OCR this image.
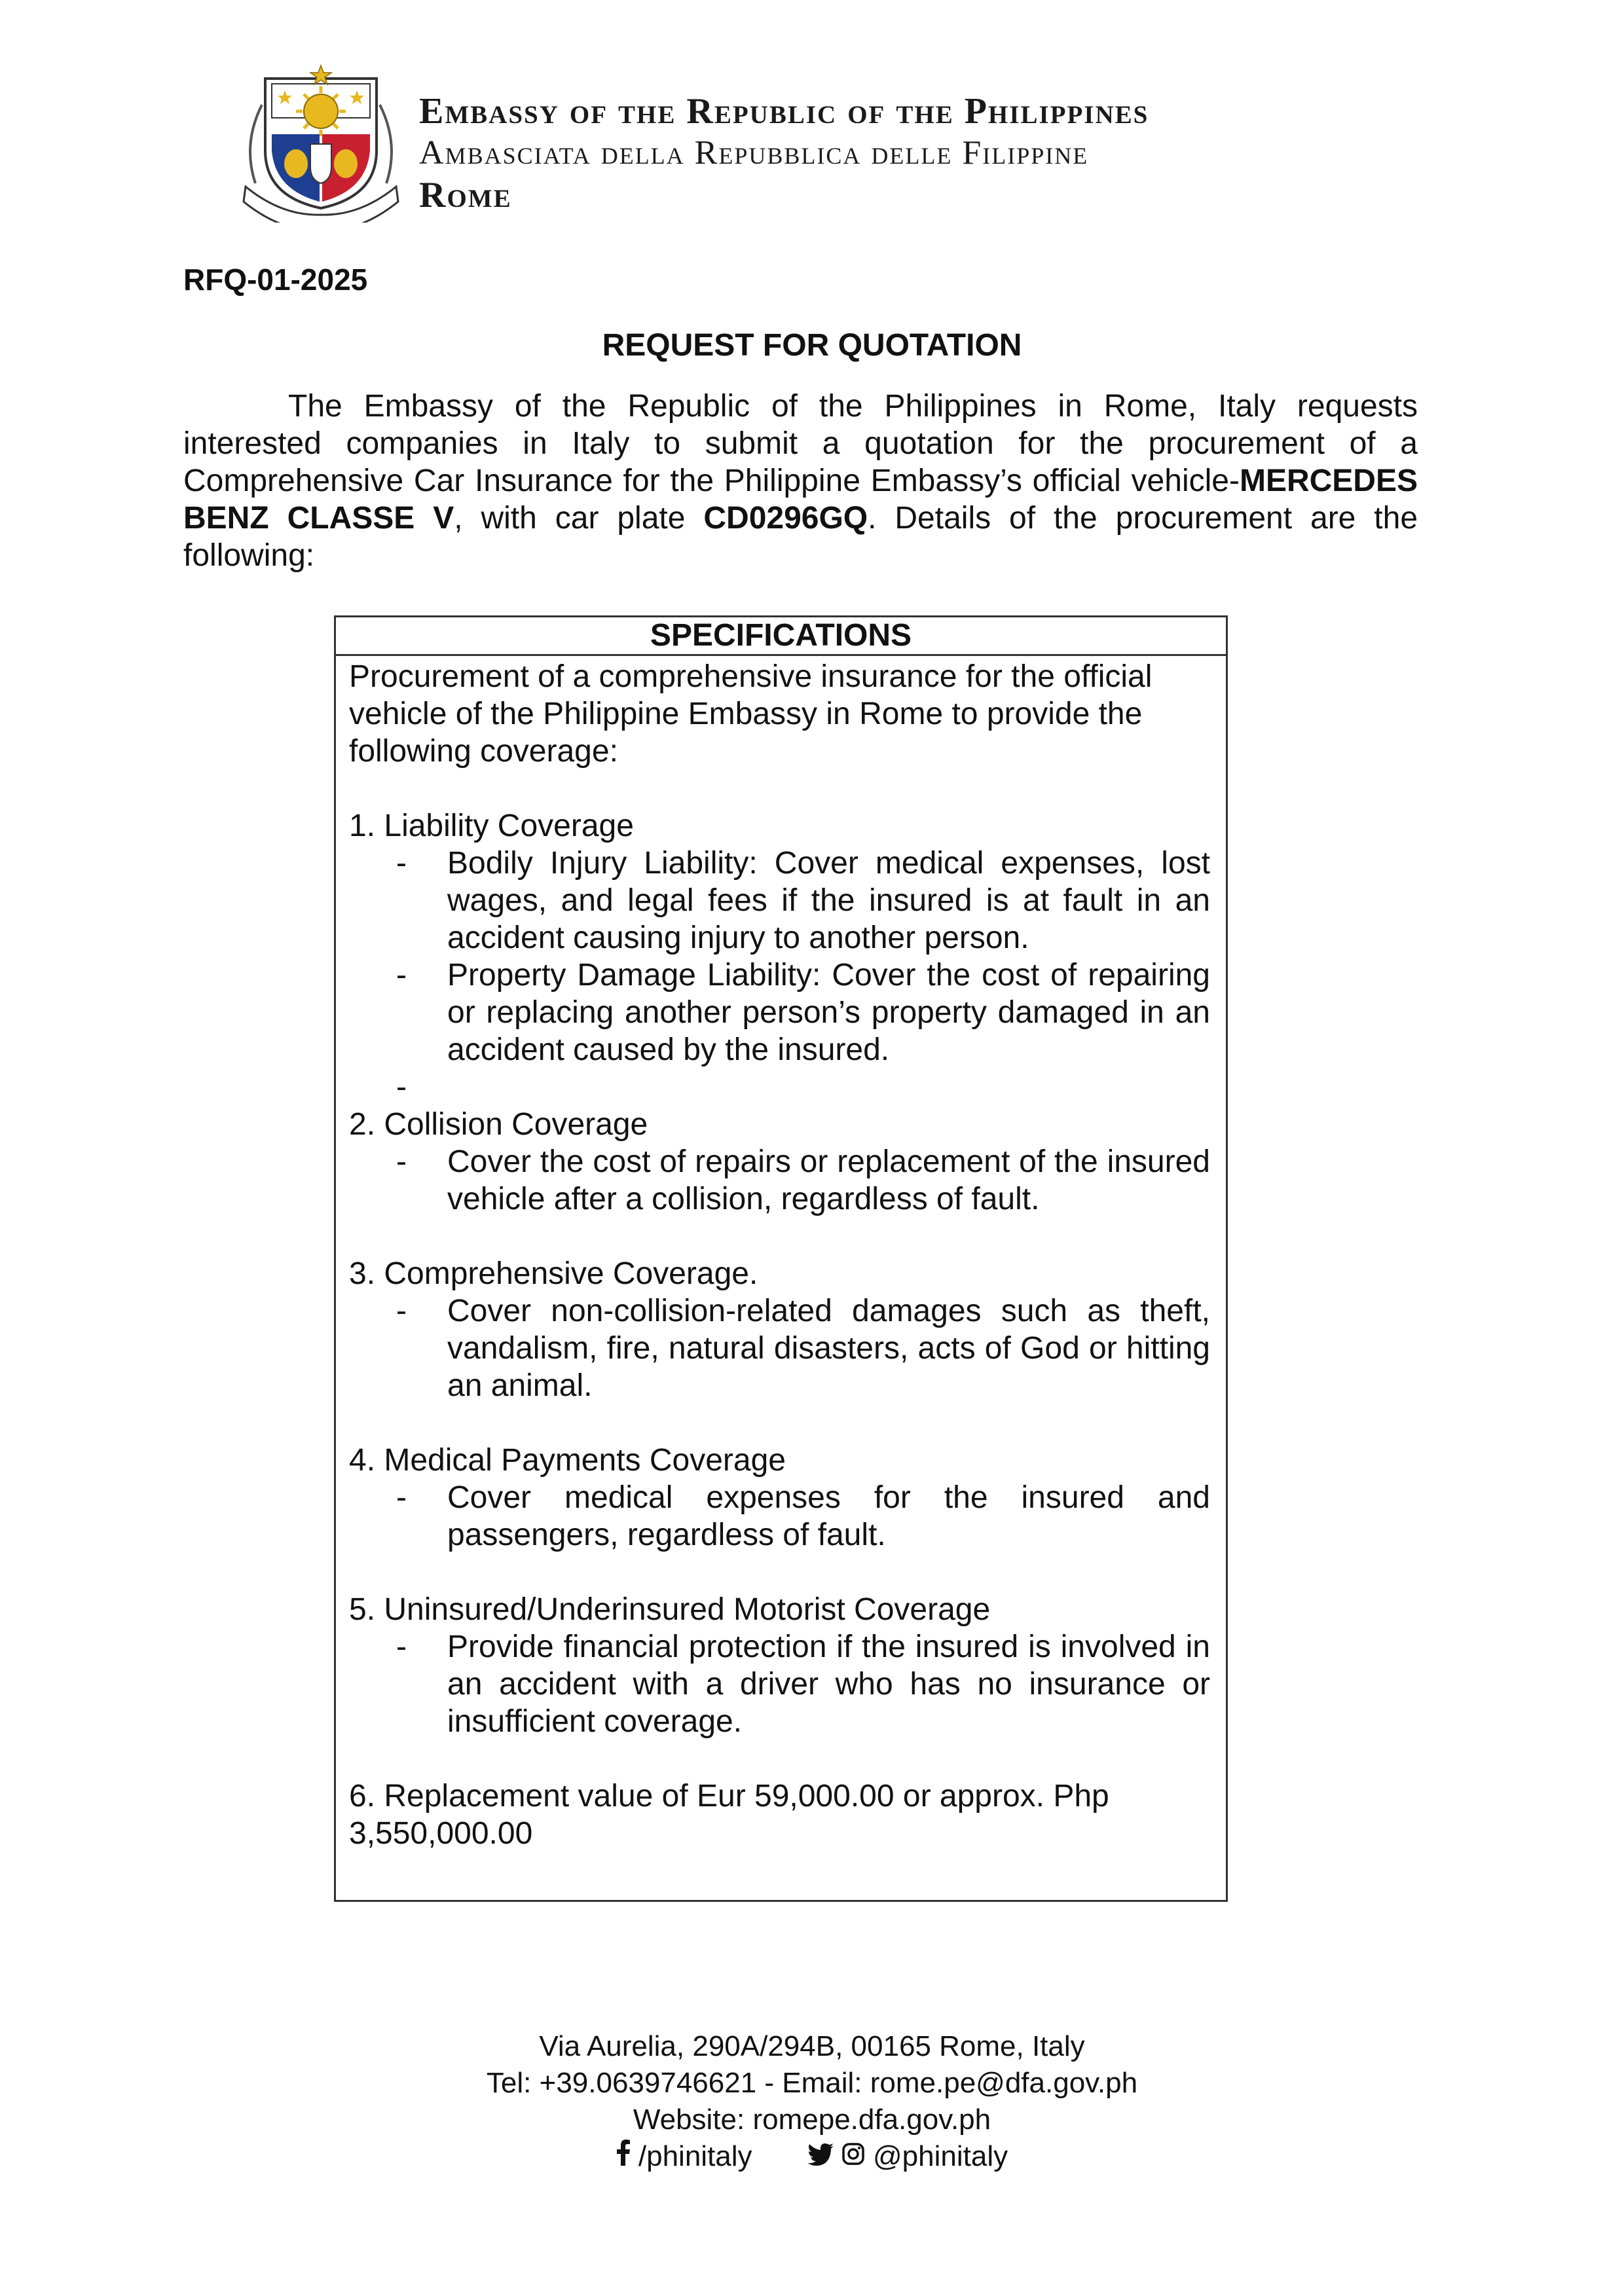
Embassy of the Republic of the Philippines
Ambasciata della Repubblica delle Filippine
Rome
RFQ-01-2025
REQUEST FOR QUOTATION

The Embassy of the Republic of the Philippines in Rome, Italy requests interested companies in Italy to submit a quotation for the procurement of a Comprehensive Car Insurance for the Philippine Embassy’s official vehicle-MERCEDES BENZ CLASSE V, with car plate CD0296GQ. Details of the procurement are the following:

SPECIFICATIONS

Procurement of a comprehensive insurance for the official vehicle of the Philippine Embassy in Rome to provide the following coverage:

1. Liability Coverage

- Bodily Injury Liability: Cover medical expenses, lost wages, and legal fees if the insured is at fault in an accident causing injury to another person.
- Property Damage Liability: Cover the cost of repairing or replacing another person’s property damaged in an accident caused by the insured.
-

2. Collision Coverage

- Cover the cost of repairs or replacement of the insured vehicle after a collision, regardless of fault.

3. Comprehensive Coverage.

- Cover non-collision-related damages such as theft, vandalism, fire, natural disasters, acts of God or hitting an animal.

4. Medical Payments Coverage

- Cover medical expenses for the insured and passengers, regardless of fault.

5. Uninsured/Underinsured Motorist Coverage

- Provide financial protection if the insured is involved in an accident with a driver who has no insurance or insufficient coverage.

6. Replacement value of Eur 59,000.00 or approx. Php 3,550,000.00

Via Aurelia, 290A/294B, 00165 Rome, Italy
Tel: +39.0639746621 - Email: rome.pe@dfa.gov.ph
Website: romepe.dfa.gov.ph
/phinitaly
	@phinitaly
